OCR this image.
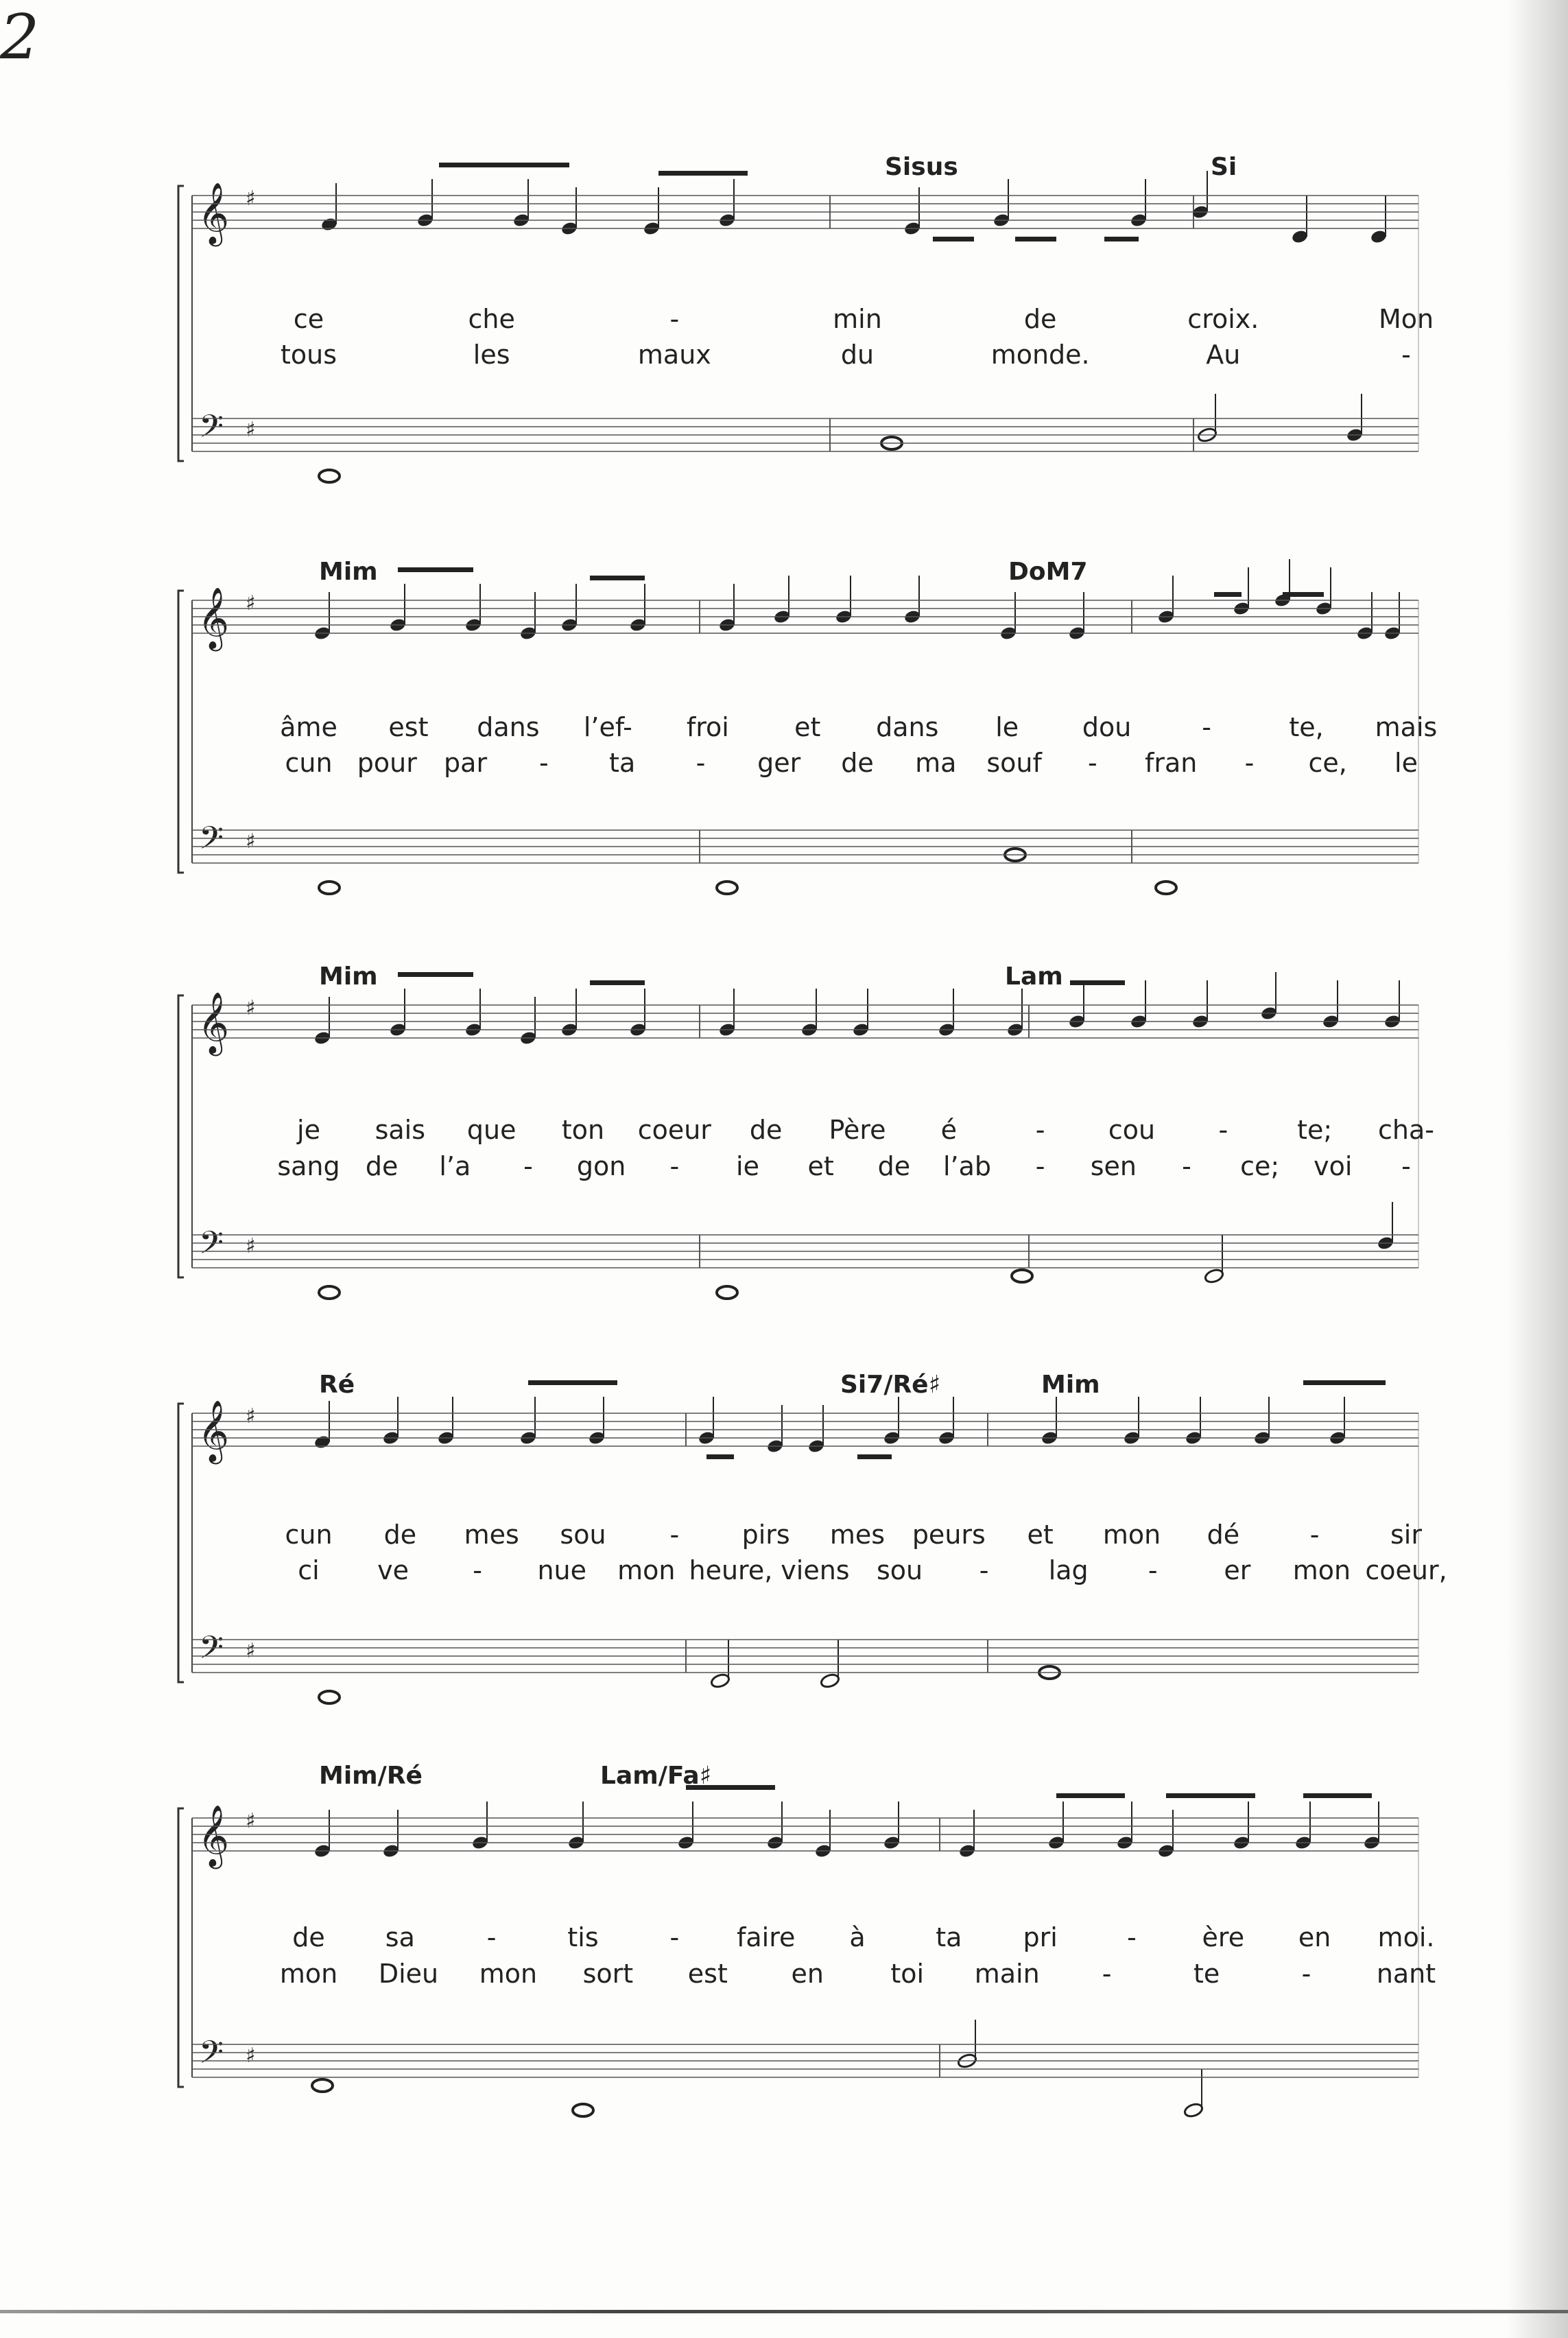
2
𝄞
𝄢
♯
♯
Sisus	Si
ce	che	-	min	de	croix.	Mon
tous	les	maux	du	monde.	Au	-
𝄞
𝄢
♯
♯
Mim	DoM7
âme est dans l’ef- froi	et dans le dou	-	te, mais
cun pour par - ta - ger de ma souf - fran - ce, le
𝄞
𝄢
♯
♯
Mim	Lam
je sais que ton coeur de Père é	- cou -	te; cha-
sang de l’a - gon - ie et de l’ab - sen - ce; voi -
𝄞
𝄢
♯
♯
Ré	Si7/Ré♯	Mim
cun de mes sou - pirs mes peurs et mon dé	-	sir
ci ve - nue mon heure, viens sou - lag -	er mon coeur,
𝄞
𝄢
♯
♯
Mim/Ré	Lam/Fa♯
de sa	-	tis	- faire à	ta pri	-	ère en moi.
mon Dieu mon sort est en	toi main -	te	-	nant
